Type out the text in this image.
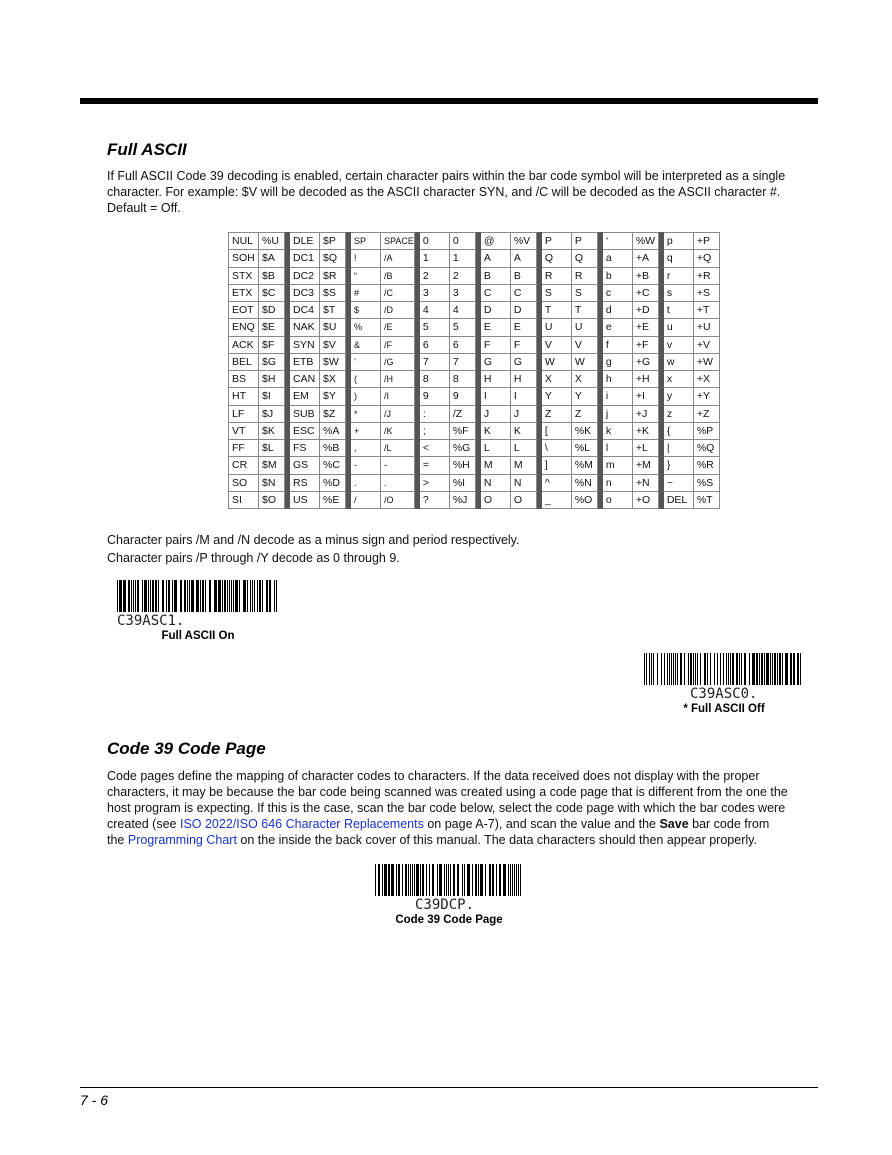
Full ASCII
If Full ASCII Code 39 decoding is enabled, certain character pairs within the bar code symbol will be interpreted as a single
character. For example: $V will be decoded as the ASCII character SYN, and /C will be decoded as the ASCII character #.
Default = Off.
NUL	%U		DLE	$P		SP	SPACE		0	0		@	%V		P	P		‘	%W		p	+P
SOH	$A		DC1	$Q		!	/A		1	1		A	A		Q	Q		a	+A		q	+Q
STX	$B		DC2	$R		“	/B		2	2		B	B		R	R		b	+B		r	+R
ETX	$C		DC3	$S		#	/C		3	3		C	C		S	S		c	+C		s	+S
EOT	$D		DC4	$T		$	/D		4	4		D	D		T	T		d	+D		t	+T
ENQ	$E		NAK	$U		%	/E		5	5		E	E		U	U		e	+E		u	+U
ACK	$F		SYN	$V		&	/F		6	6		F	F		V	V		f	+F		v	+V
BEL	$G		ETB	$W		’	/G		7	7		G	G		W	W		g	+G		w	+W
BS	$H		CAN	$X		(	/H		8	8		H	H		X	X		h	+H		x	+X
HT	$I		EM	$Y		)	/I		9	9		I	I		Y	Y		i	+I		y	+Y
LF	$J		SUB	$Z		*	/J		:	/Z		J	J		Z	Z		j	+J		z	+Z
VT	$K		ESC	%A		+	/K		;	%F		K	K		[	%K		k	+K		{	%P
FF	$L		FS	%B		,	/L		<	%G		L	L		\	%L		l	+L		|	%Q
CR	$M		GS	%C		-	-		=	%H		M	M		]	%M		m	+M		}	%R
SO	$N		RS	%D		.	.		>	%I		N	N		^	%N		n	+N		~	%S
SI	$O		US	%E		/	/O		?	%J		O	O		_	%O		o	+O		DEL	%T
Character pairs /M and /N decode as a minus sign and period respectively.
Character pairs /P through /Y decode as 0 through 9.
C39ASC1.
Full ASCII On
C39ASC0.
* Full ASCII Off
Code 39 Code Page
Code pages define the mapping of character codes to characters. If the data received does not display with the proper
characters, it may be because the bar code being scanned was created using a code page that is different from the one the
host program is expecting. If this is the case, scan the bar code below, select the code page with which the bar codes were
created (see ISO 2022/ISO 646 Character Replacements on page A-7), and scan the value and the Save bar code from
the Programming Chart on the inside the back cover of this manual. The data characters should then appear properly.
C39DCP.
Code 39 Code Page
7 - 6
